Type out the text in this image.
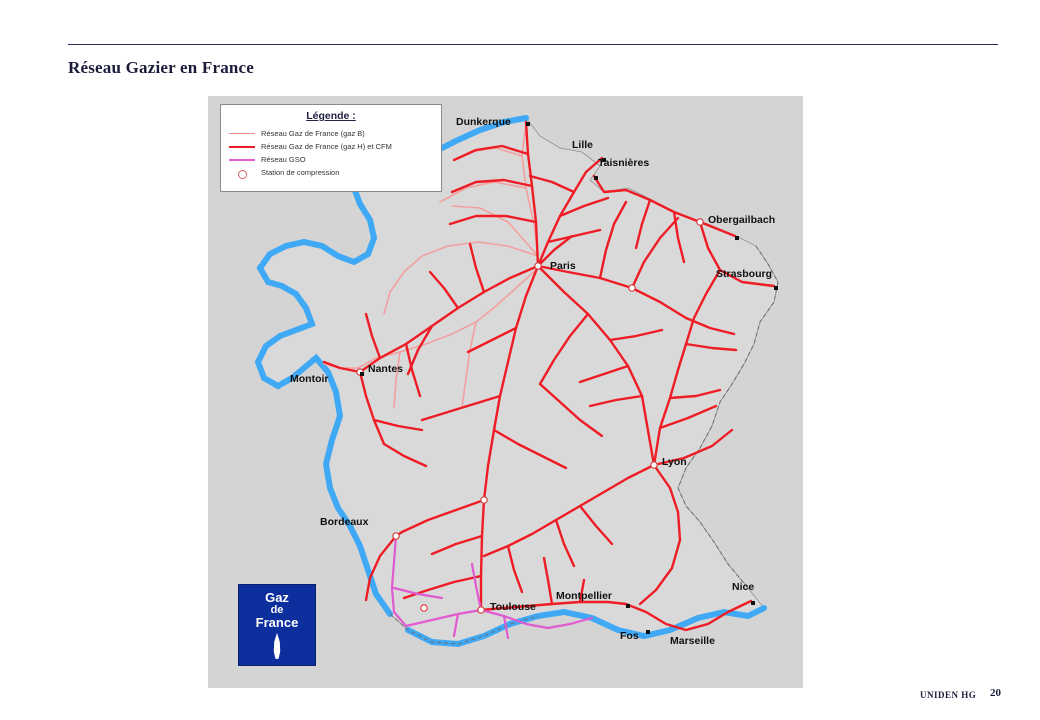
Réseau Gazier en France
Légende :
Réseau Gaz de France (gaz B)
Réseau Gaz de France (gaz H) et CFM
Réseau GSO
Station de compression
Dunkerque
Lille
Taisnières
Obergailbach
Strasbourg
Paris
Nantes
Montoir
Lyon
Bordeaux
Toulouse
Montpellier
Nice
Fos	Marseille
Gaz
de
France
UNIDEN HG 20
